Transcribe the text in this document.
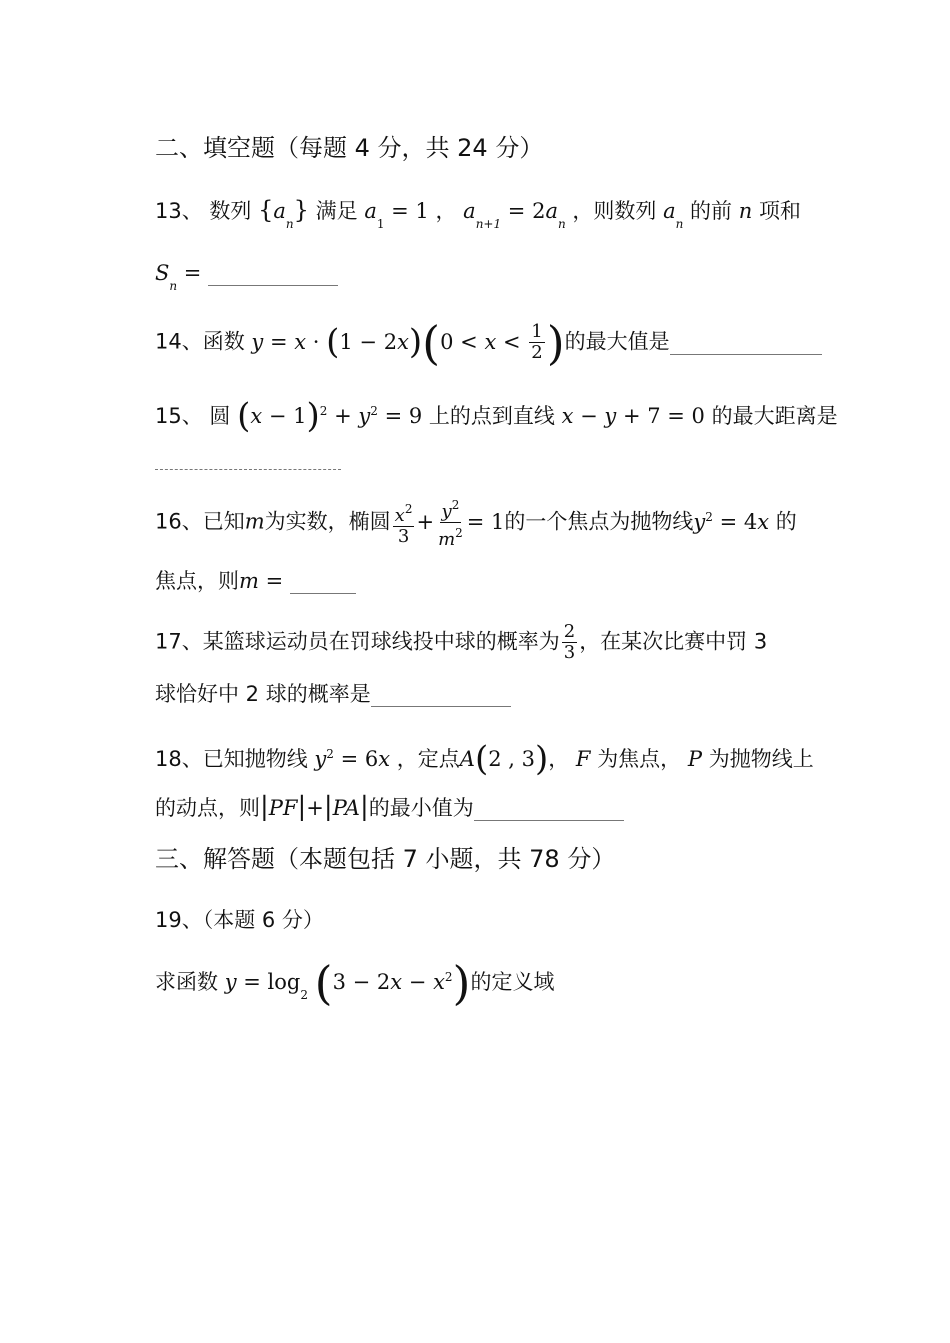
二、填空题（每题 4 分，共 24 分）
13、 数列 $\{a_n\}$ 满足 $a_1 = 1$ ， $a_{n+1} = 2a_n$ ，则数列 $a_n$ 的前 n 项和
$S_n$ =
14、函数 $y = x \cdot (1 - 2x)(0 < x < \frac{1}{2}$ )的最大值是
15、 圆 $(x - 1)^2 + y^2 = 9$ 上的点到直线 x − y + 7 = 0 的最大距离是
16、已知m为实数，椭圆 $\frac{x^2}{3} + \frac{y^2}{m^2} = 1$的一个焦点为抛物线$y^2 = 4x$ 的
焦点，则m =
17、某篮球运动员在罚球线投中球的概率为 $\frac{2}{3}$ ，在某次比赛中罚 3
球恰好中 2 球的概率是
18、已知抛物线 $y^2 = 6x$ ，定点A(2 , 3)， F 为焦点， P 为抛物线上
的动点，则|PF|+|PA|的最小值为
三、解答题（本题包括 7 小题，共 78 分）
19、（本题 6 分）
求函数 $y = \log_2 (3 - 2x - x^2)$的定义域
